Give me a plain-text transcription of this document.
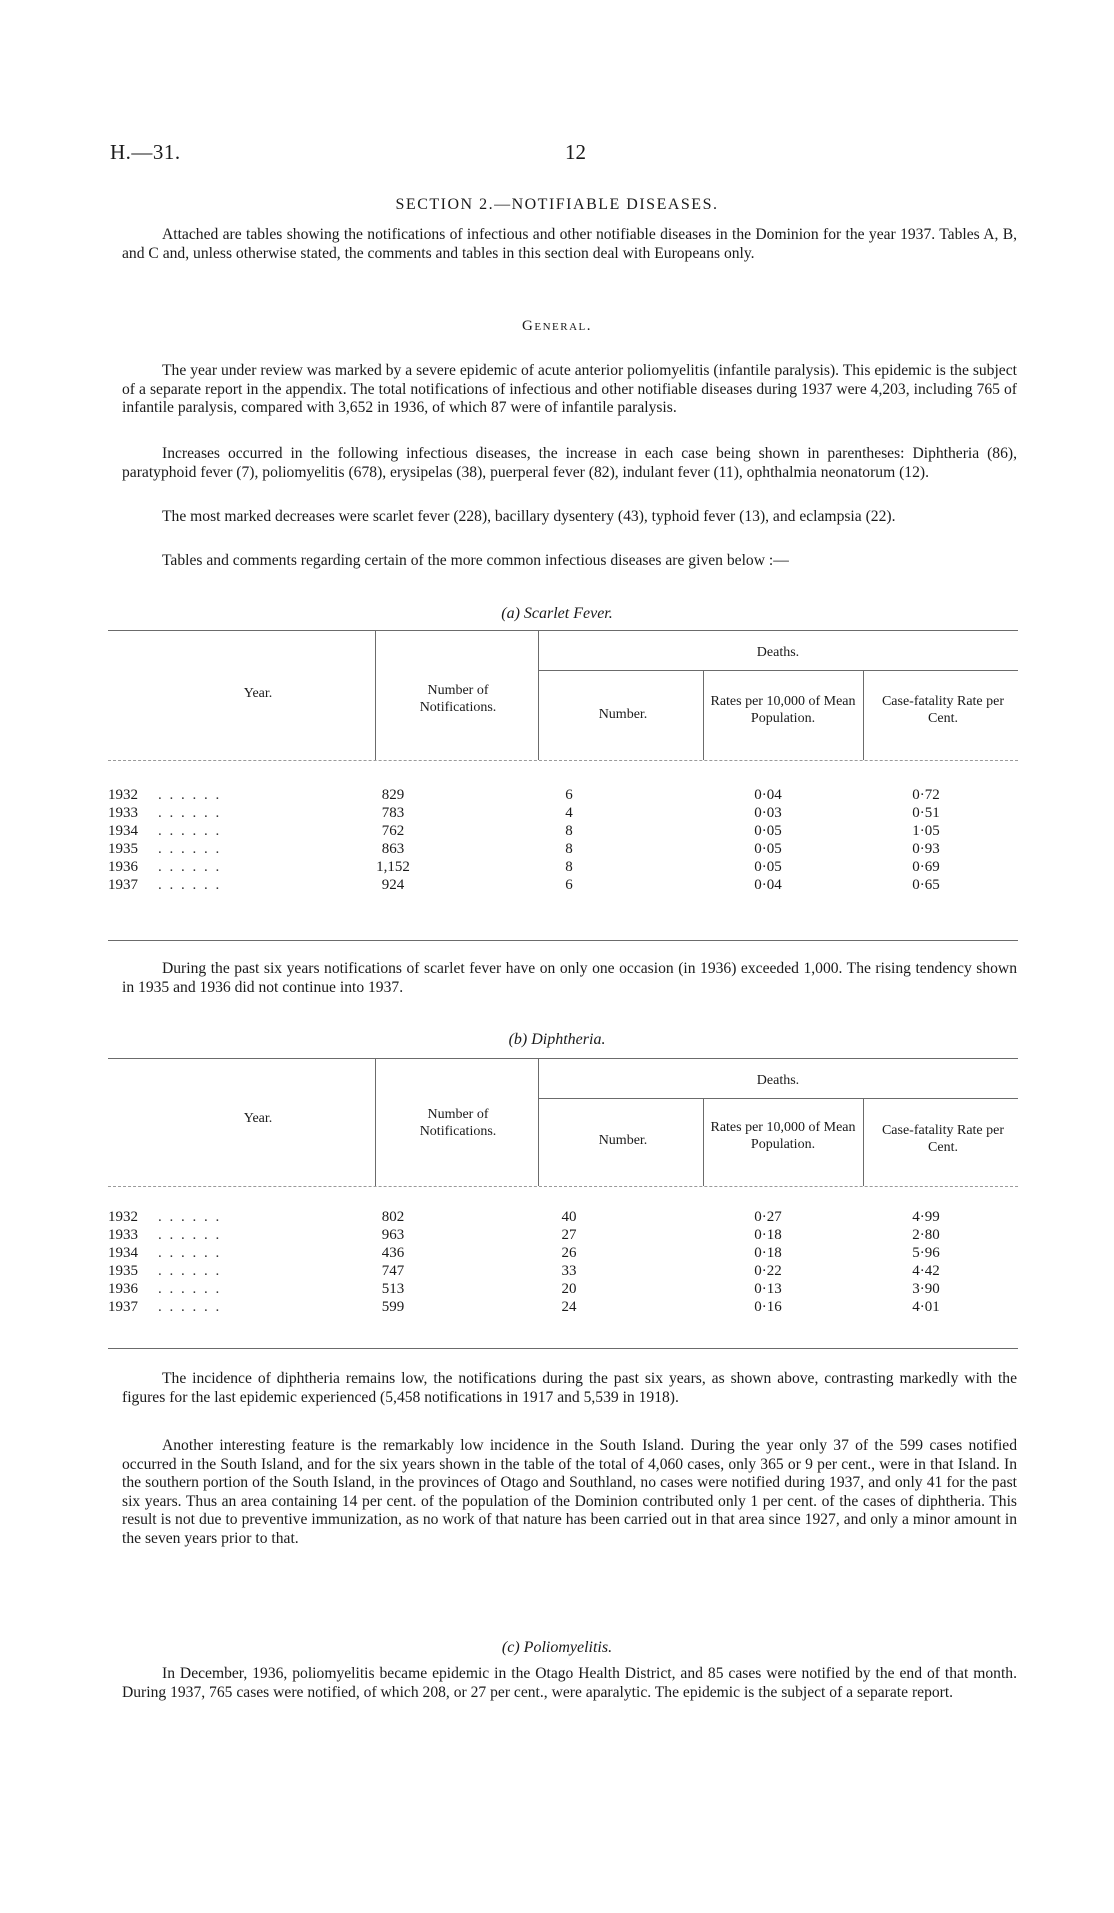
H.—31.	12
SECTION 2.—NOTIFIABLE DISEASES.

Attached are tables showing the notifications of infectious and other notifiable diseases in the Dominion for the year 1937. Tables A, B, and C and, unless otherwise stated, the comments and tables in this section deal with Europeans only.

General.

The year under review was marked by a severe epidemic of acute anterior poliomyelitis (infantile paralysis). This epidemic is the subject of a separate report in the appendix. The total notifications of infectious and other notifiable diseases during 1937 were 4,203, including 765 of infantile paralysis, compared with 3,652 in 1936, of which 87 were of infantile paralysis.

Increases occurred in the following infectious diseases, the increase in each case being shown in parentheses: Diphtheria (86), paratyphoid fever (7), poliomyelitis (678), erysipelas (38), puerperal fever (82), indulant fever (11), ophthalmia neonatorum (12).

The most marked decreases were scarlet fever (228), bacillary dysentery (43), typhoid fever (13), and eclampsia (22).

Tables and comments regarding certain of the more common infectious diseases are given below :—

(a) Scarlet Fever.
Year.	Number of Notifications.
Deaths.
Number.
Rates per 10,000 of Mean Population.
Case-fatality Rate per Cent.
1932 . . . . . .	829	6	0·04	0·72
1933 . . . . . .	783	4	0·03	0·51
1934 . . . . . .	762	8	0·05	1·05
1935 . . . . . .	863	8	0·05	0·93
1936 . . . . . .	1,152	8	0·05	0·69
1937 . . . . . .	924	6	0·04	0·65

During the past six years notifications of scarlet fever have on only one occasion (in 1936) exceeded 1,000. The rising tendency shown in 1935 and 1936 did not continue into 1937.

(b) Diphtheria.
Year.	Number of Notifications.
Deaths.
Number.
Rates per 10,000 of Mean Population.
Case-fatality Rate per Cent.
1932 . . . . . .	802	40	0·27	4·99
1933 . . . . . .	963	27	0·18	2·80
1934 . . . . . .	436	26	0·18	5·96
1935 . . . . . .	747	33	0·22	4·42
1936 . . . . . .	513	20	0·13	3·90
1937 . . . . . .	599	24	0·16	4·01

The incidence of diphtheria remains low, the notifications during the past six years, as shown above, contrasting markedly with the figures for the last epidemic experienced (5,458 notifications in 1917 and 5,539 in 1918).

Another interesting feature is the remarkably low incidence in the South Island. During the year only 37 of the 599 cases notified occurred in the South Island, and for the six years shown in the table of the total of 4,060 cases, only 365 or 9 per cent., were in that Island. In the southern portion of the South Island, in the provinces of Otago and Southland, no cases were notified during 1937, and only 41 for the past six years. Thus an area containing 14 per cent. of the population of the Dominion contributed only 1 per cent. of the cases of diphtheria. This result is not due to preventive immunization, as no work of that nature has been carried out in that area since 1927, and only a minor amount in the seven years prior to that.

(c) Poliomyelitis.

In December, 1936, poliomyelitis became epidemic in the Otago Health District, and 85 cases were notified by the end of that month. During 1937, 765 cases were notified, of which 208, or 27 per cent., were aparalytic. The epidemic is the subject of a separate report.
